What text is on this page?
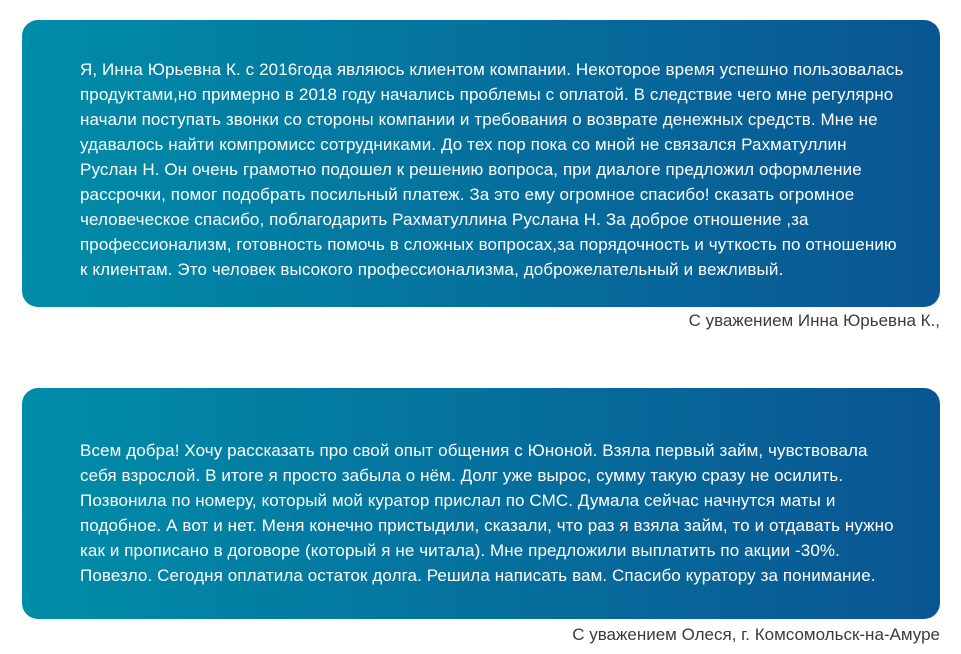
Я, Инна Юрьевна К. с 2016года являюсь клиентом компании. Некоторое время успешно пользовалась продуктами,но примерно в 2018 году начались проблемы с оплатой. В следствие чего мне регулярно начали поступать звонки со стороны компании и требования о возврате денежных средств. Мне не удавалось найти компромисс сотрудниками. До тех пор пока со мной не связался Рахматуллин Руслан Н. Он очень грамотно подошел к решению вопроса, при диалоге предложил оформление рассрочки, помог подобрать посильный платеж. За это ему огромное спасибо! сказать огромное человеческое спасибо, поблагодарить Рахматуллина Руслана Н. За доброе отношение ,за профессионализм, готовность помочь в сложных вопросах,за порядочность и чуткость по отношению к клиентам. Это человек высокого профессионализма, доброжелательный и вежливый.

С уважением Инна Юрьевна К.,

Всем добра! Хочу рассказать про свой опыт общения с Юноной. Взяла первый займ, чувствовала себя взрослой. В итоге я просто забыла о нём. Долг уже вырос, сумму такую сразу не осилить. Позвонила по номеру, который мой куратор прислал по СМС. Думала сейчас начнутся маты и подобное. А вот и нет. Меня конечно пристыдили, сказали, что раз я взяла займ, то и отдавать нужно как и прописано в договоре (который я не читала). Мне предложили выплатить по акции -30%. Повезло. Сегодня оплатила остаток долга. Решила написать вам. Спасибо куратору за понимание.

С уважением Олеся, г. Комсомольск-на-Амуре
